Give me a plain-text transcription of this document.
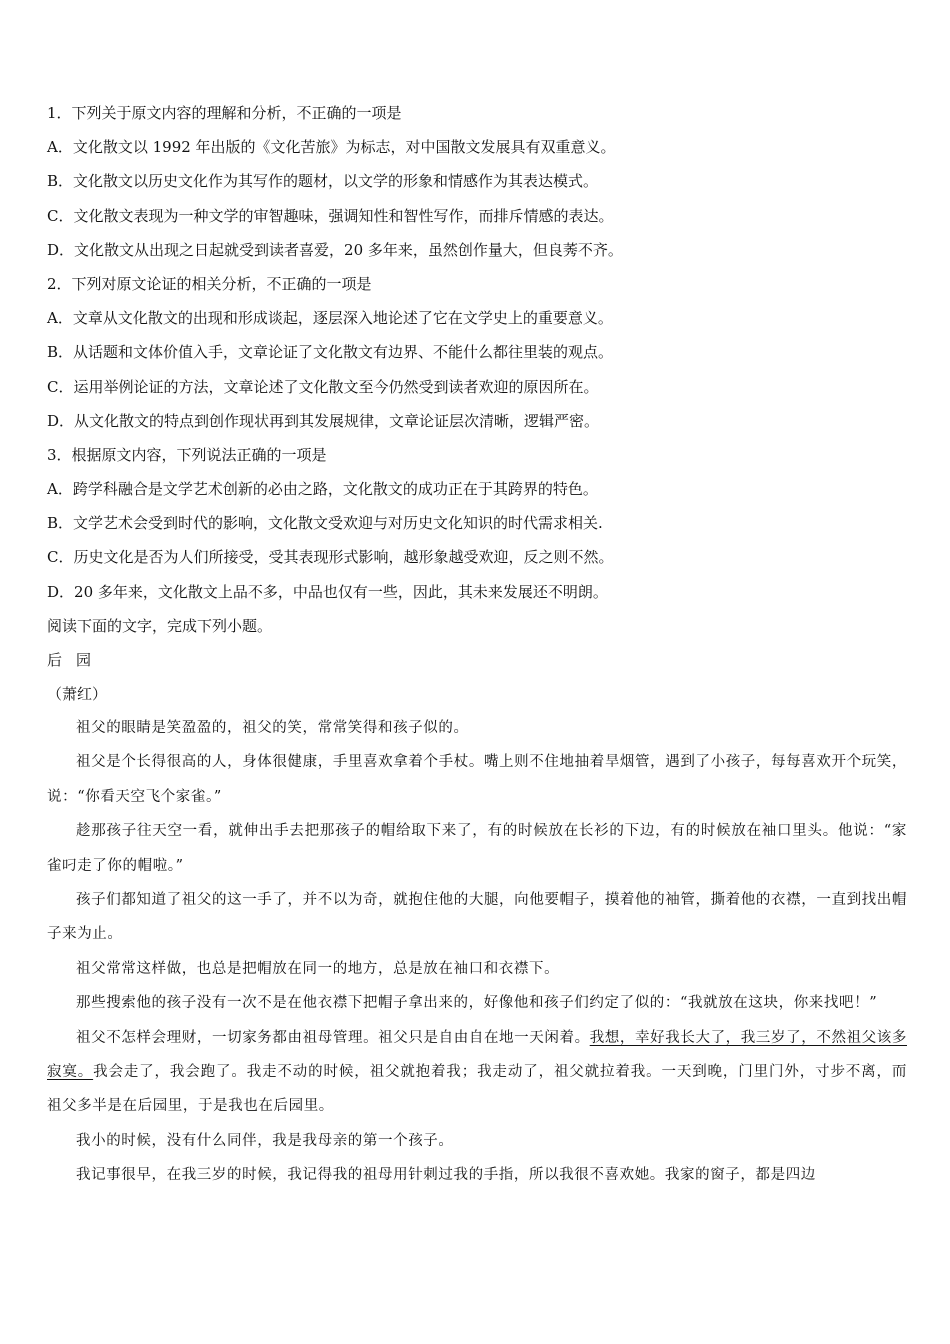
1．下列关于原文内容的理解和分析，不正确的一项是

A．文化散文以 1992 年出版的《文化苦旅》为标志，对中国散文发展具有双重意义。

B．文化散文以历史文化作为其写作的题材，以文学的形象和情感作为其表达模式。

C．文化散文表现为一种文学的审智趣味，强调知性和智性写作，而排斥情感的表达。

D．文化散文从出现之日起就受到读者喜爱，20 多年来，虽然创作量大，但良莠不齐。

2．下列对原文论证的相关分析，不正确的一项是

A．文章从文化散文的出现和形成谈起，逐层深入地论述了它在文学史上的重要意义。

B．从话题和文体价值入手，文章论证了文化散文有边界、不能什么都往里装的观点。

C．运用举例论证的方法，文章论述了文化散文至今仍然受到读者欢迎的原因所在。

D．从文化散文的特点到创作现状再到其发展规律，文章论证层次清晰，逻辑严密。

3．根据原文内容，下列说法正确的一项是

A．跨学科融合是文学艺术创新的必由之路，文化散文的成功正在于其跨界的特色。

B．文学艺术会受到时代的影响，文化散文受欢迎与对历史文化知识的时代需求相关.

C．历史文化是否为人们所接受，受其表现形式影响，越形象越受欢迎，反之则不然。

D．20 多年来，文化散文上品不多，中品也仅有一些，因此，其未来发展还不明朗。

阅读下面的文字，完成下列小题。

后园

（萧红）

祖父的眼睛是笑盈盈的，祖父的笑，常常笑得和孩子似的。

祖父是个长得很高的人，身体很健康，手里喜欢拿着个手杖。嘴上则不住地抽着旱烟管，遇到了小孩子，每每喜欢开个玩笑，说：“你看天空飞个家雀。”

趁那孩子往天空一看，就伸出手去把那孩子的帽给取下来了，有的时候放在长衫的下边，有的时候放在袖口里头。他说：“家雀叼走了你的帽啦。”

孩子们都知道了祖父的这一手了，并不以为奇，就抱住他的大腿，向他要帽子，摸着他的袖管，撕着他的衣襟，一直到找出帽子来为止。

祖父常常这样做，也总是把帽放在同一的地方，总是放在袖口和衣襟下。

那些搜索他的孩子没有一次不是在他衣襟下把帽子拿出来的，好像他和孩子们约定了似的：“我就放在这块，你来找吧！”

祖父不怎样会理财，一切家务都由祖母管理。祖父只是自由自在地一天闲着。我想，幸好我长大了，我三岁了，不然祖父该多寂寞。我会走了，我会跑了。我走不动的时候，祖父就抱着我；我走动了，祖父就拉着我。一天到晚，门里门外，寸步不离，而祖父多半是在后园里，于是我也在后园里。

我小的时候，没有什么同伴，我是我母亲的第一个孩子。

我记事很早，在我三岁的时候，我记得我的祖母用针刺过我的手指，所以我很不喜欢她。我家的窗子，都是四边
